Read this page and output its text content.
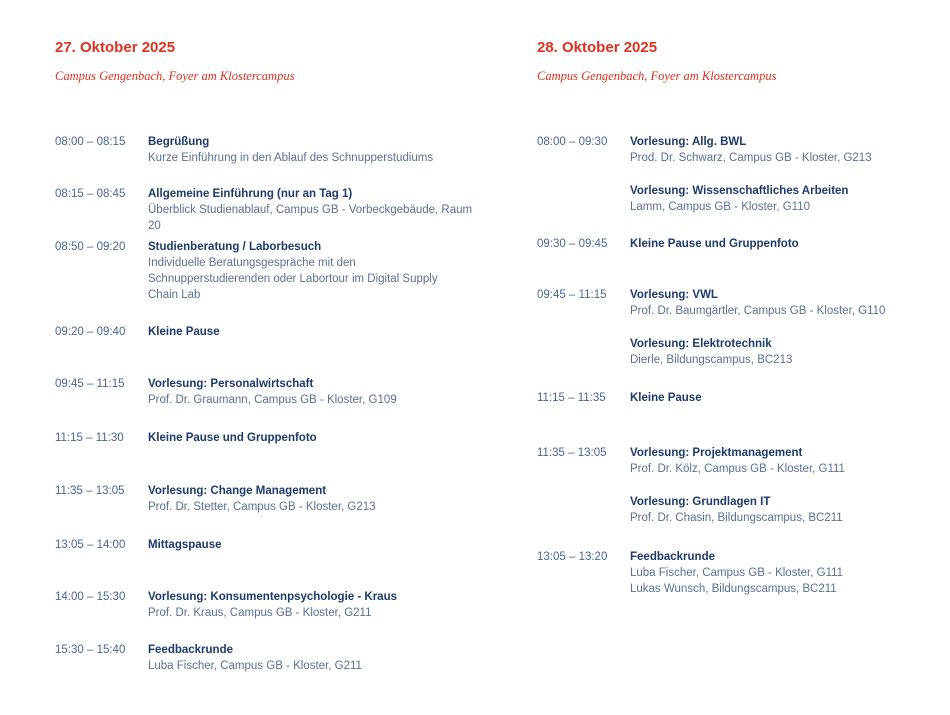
27. Oktober 2025
Campus Gengenbach, Foyer am Klostercampus
08:00 – 08:15 Begrüßung
Kurze Einführung in den Ablauf des Schnupperstudiums
08:15 – 08:45 Allgemeine Einführung (nur an Tag 1)
Überblick Studienablauf, Campus GB - Vorbeckgebäude, Raum 20
08:50 – 09:20 Studienberatung / Laborbesuch
Individuelle Beratungsgespräche mit den
Schnupperstudierenden oder Labortour im Digital Supply
Chain Lab
09:20 – 09:40 Kleine Pause
09:45 – 11:15 Vorlesung: Personalwirtschaft
Prof. Dr. Graumann, Campus GB - Kloster, G109
11:15 – 11:30 Kleine Pause und Gruppenfoto
11:35 – 13:05 Vorlesung: Change Management
Prof. Dr. Stetter, Campus GB - Kloster, G213
13:05 – 14:00 Mittagspause
14:00 – 15:30 Vorlesung: Konsumentenpsychologie - Kraus
Prof. Dr. Kraus, Campus GB - Kloster, G211
15:30 – 15:40 Feedbackrunde
Luba Fischer, Campus GB - Kloster, G211
28. Oktober 2025
Campus Gengenbach, Foyer am Klostercampus
08:00 – 09:30 Vorlesung: Allg. BWL
Prod. Dr. Schwarz, Campus GB - Kloster, G213
Vorlesung: Wissenschaftliches Arbeiten
Lamm, Campus GB - Kloster, G110
09:30 – 09:45 Kleine Pause und Gruppenfoto
09:45 – 11:15 Vorlesung: VWL
Prof. Dr. Baumgärtler, Campus GB - Kloster, G110
Vorlesung: Elektrotechnik
Dierle, Bildungscampus, BC213
11:15 – 11:35 Kleine Pause
11:35 – 13:05 Vorlesung: Projektmanagement
Prof. Dr. Kölz, Campus GB - Kloster, G111
Vorlesung: Grundlagen IT
Prof. Dr. Chasin, Bildungscampus, BC211
13:05 – 13:20 Feedbackrunde
Luba Fischer, Campus GB - Kloster, G111
Lukas Wunsch, Bildungscampus, BC211
